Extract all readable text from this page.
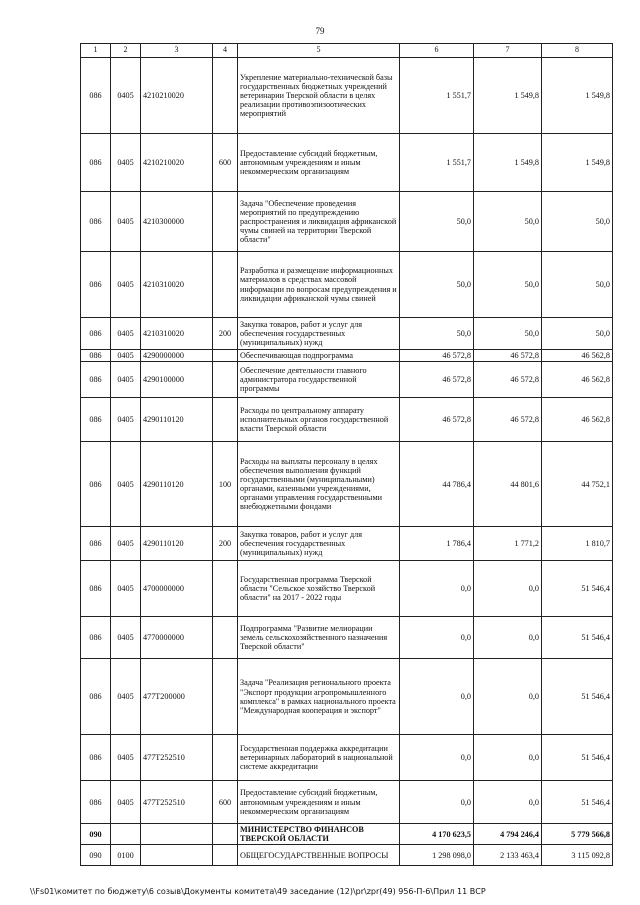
79
1	2	3	4	5	6	7	8
086	0405	4210210020		Укрепление материально-технической базы государственных бюджетных учреждений ветеринарии Тверской области в целях реализации противоэпизоотических мероприятий	1 551,7	1 549,8	1 549,8
086	0405	4210210020	600	Предоставление субсидий бюджетным, автономным учреждениям и иным некоммерческим организациям	1 551,7	1 549,8	1 549,8
086	0405	4210300000		Задача "Обеспечение проведения мероприятий по предупреждению распространения и ликвидация африканской чумы свиней на территории Тверской области"	50,0	50,0	50,0
086	0405	4210310020		Разработка и размещение информационных материалов в средствах массовой информации по вопросам предупреждения и ликвидации африканской чумы свиней	50,0	50,0	50,0
086	0405	4210310020	200	Закупка товаров, работ и услуг для обеспечения государственных (муниципальных) нужд	50,0	50,0	50,0
086	0405	4290000000		Обеспечивающая подпрограмма	46 572,8	46 572,8	46 562,8
086	0405	4290100000		Обеспечение деятельности главного администратора государственной программы	46 572,8	46 572,8	46 562,8
086	0405	4290110120		Расходы по центральному аппарату исполнительных органов государственной власти Тверской области	46 572,8	46 572,8	46 562,8
086	0405	4290110120	100	Расходы на выплаты персоналу в целях обеспечения выполнения функций государственными (муниципальными) органами, казенными учреждениями, органами управления государственными внебюджетными фондами	44 786,4	44 801,6	44 752,1
086	0405	4290110120	200	Закупка товаров, работ и услуг для обеспечения государственных (муниципальных) нужд	1 786,4	1 771,2	1 810,7
086	0405	4700000000		Государственная программа Тверской области "Сельское хозяйство Тверской области" на 2017 - 2022 годы	0,0	0,0	51 546,4
086	0405	4770000000		Подпрограмма "Развитие мелиорации земель сельскохозяйственного назначения Тверской области"	0,0	0,0	51 546,4
086	0405	477T200000		Задача "Реализация регионального проекта "Экспорт продукции агропромышленного комплекса" в рамках национального проекта "Международная кооперация и экспорт"	0,0	0,0	51 546,4
086	0405	477T252510		Государственная поддержка аккредитации ветеринарных лабораторий в национальной системе аккредитации	0,0	0,0	51 546,4
086	0405	477T252510	600	Предоставление субсидий бюджетным, автономным учреждениям и иным некоммерческим организациям	0,0	0,0	51 546,4
090				МИНИСТЕРСТВО ФИНАНСОВ ТВЕРСКОЙ ОБЛАСТИ	4 170 623,5	4 794 246,4	5 779 566,8
090	0100			ОБЩЕГОСУДАРСТВЕННЫЕ ВОПРОСЫ	1 298 098,0	2 133 463,4	3 115 092,8
\\Fs01\комитет по бюджету\6 созыв\Документы комитета\49 заседание (12)\pr\zpr(49) 956-П-6\Прил 11 ВСР
